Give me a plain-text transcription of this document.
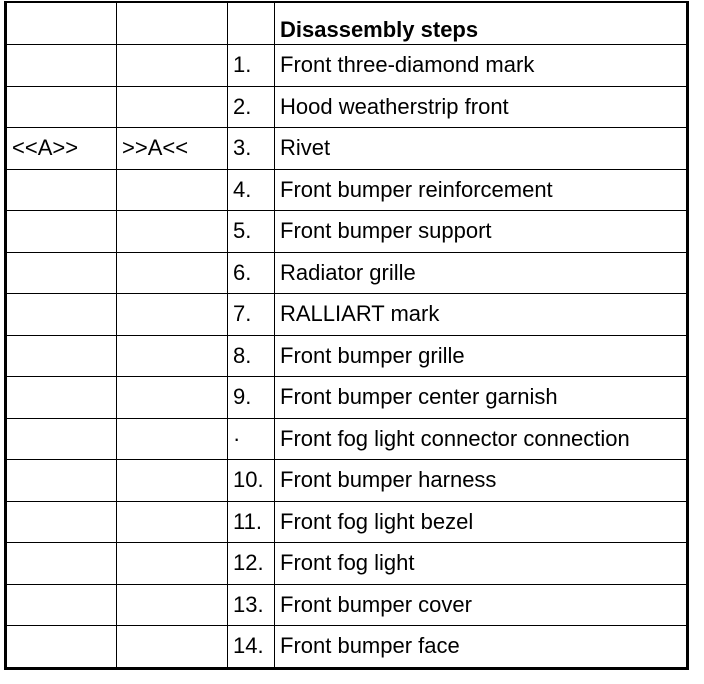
			Disassembly steps
		1.	Front three-diamond mark
		2.	Hood weatherstrip front
<<A>>	>>A<<	3.	Rivet
		4.	Front bumper reinforcement
		5.	Front bumper support
		6.	Radiator grille
		7.	RALLIART mark
		8.	Front bumper grille
		9.	Front bumper center garnish
		·	Front fog light connector connection
		10.	Front bumper harness
		11.	Front fog light bezel
		12.	Front fog light
		13.	Front bumper cover
		14.	Front bumper face
